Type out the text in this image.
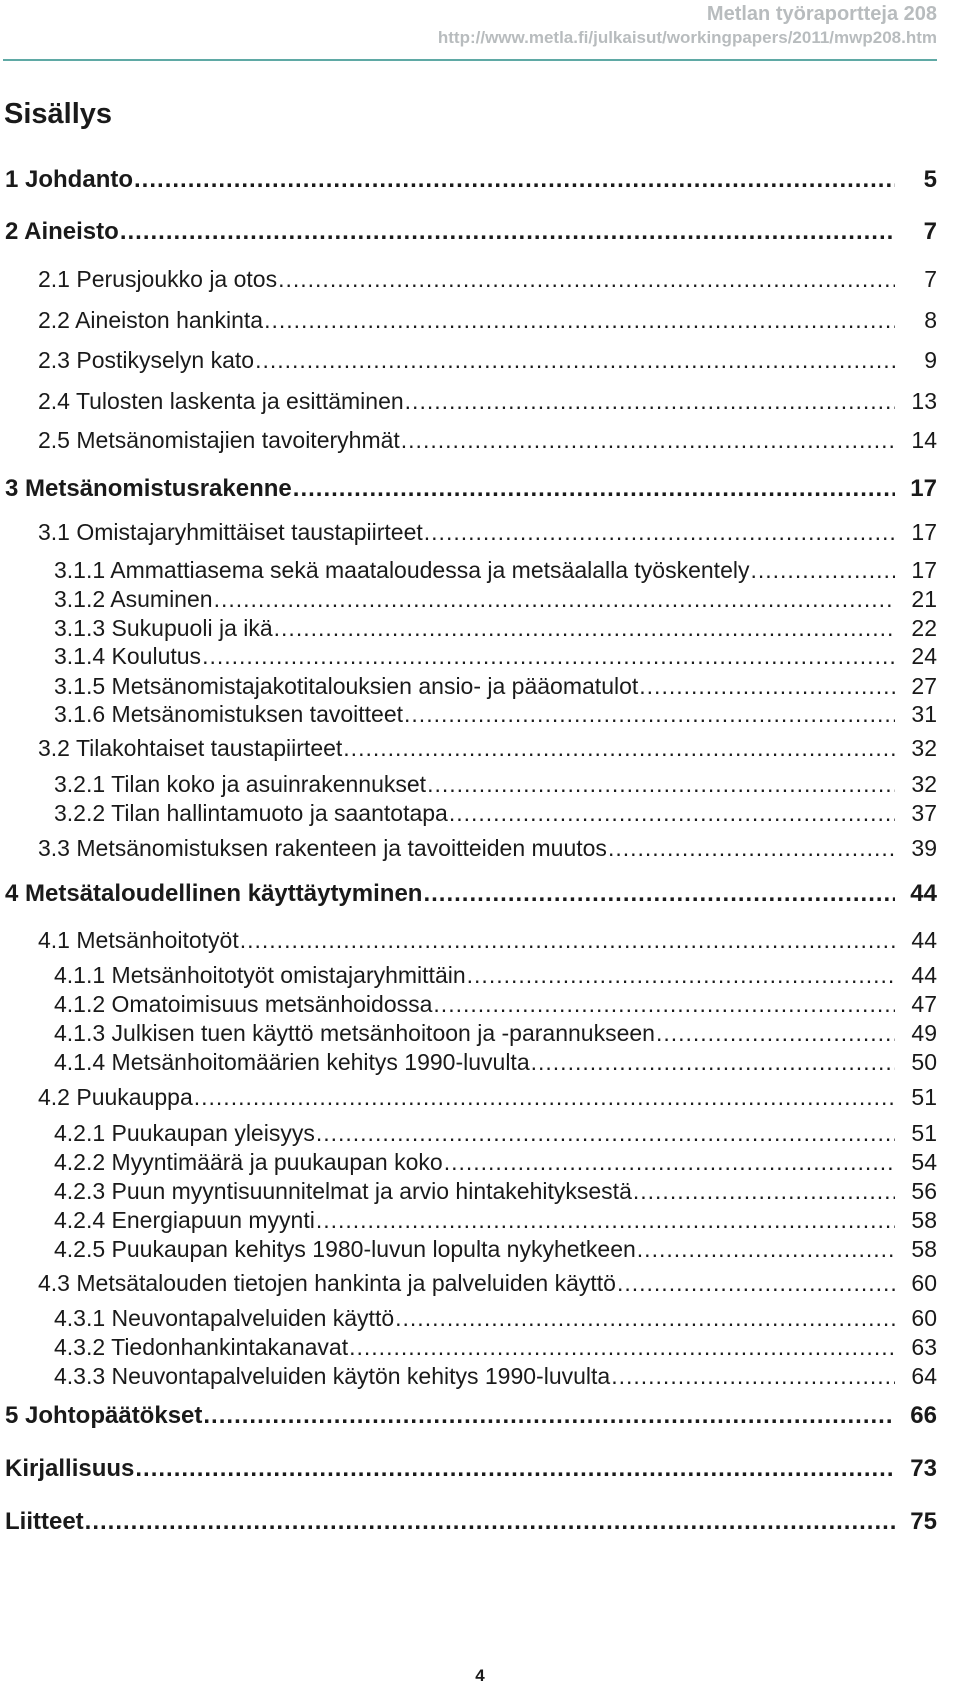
Metlan työraportteja 208
http://www.metla.fi/julkaisut/workingpapers/2011/mwp208.htm
Sisällys
1 Johdanto .....	5
2 Aineisto .....	7
2.1 Perusjoukko ja otos .....	7
2.2 Aineiston hankinta .....	8
2.3 Postikyselyn kato .....	9
2.4 Tulosten laskenta ja esittäminen .....	13
2.5 Metsänomistajien tavoiteryhmät .....	14
3 Metsänomistusrakenne .....	17
3.1 Omistajaryhmittäiset taustapiirteet .....	17
3.1.1 Ammattiasema sekä maataloudessa ja metsäalalla työskentely .....	17
3.1.2 Asuminen .....	21
3.1.3 Sukupuoli ja ikä .....	22
3.1.4 Koulutus .....	24
3.1.5 Metsänomistajakotitalouksien ansio- ja pääomatulot .....	27
3.1.6 Metsänomistuksen tavoitteet .....	31
3.2 Tilakohtaiset taustapiirteet .....	32
3.2.1 Tilan koko ja asuinrakennukset .....	32
3.2.2 Tilan hallintamuoto ja saantotapa .....	37
3.3 Metsänomistuksen rakenteen ja tavoitteiden muutos .....	39
4 Metsätaloudellinen käyttäytyminen .....	44
4.1 Metsänhoitotyöt .....	44
4.1.1 Metsänhoitotyöt omistajaryhmittäin .....	44
4.1.2 Omatoimisuus metsänhoidossa .....	47
4.1.3 Julkisen tuen käyttö metsänhoitoon ja -parannukseen .....	49
4.1.4 Metsänhoitomäärien kehitys 1990-luvulta .....	50
4.2 Puukauppa .....	51
4.2.1 Puukaupan yleisyys .....	51
4.2.2 Myyntimäärä ja puukaupan koko .....	54
4.2.3 Puun myyntisuunnitelmat ja arvio hintakehityksestä .....	56
4.2.4 Energiapuun myynti .....	58
4.2.5 Puukaupan kehitys 1980-luvun lopulta nykyhetkeen .....	58
4.3 Metsätalouden tietojen hankinta ja palveluiden käyttö .....	60
4.3.1 Neuvontapalveluiden käyttö .....	60
4.3.2 Tiedonhankintakanavat .....	63
4.3.3 Neuvontapalveluiden käytön kehitys 1990-luvulta .....	64
5 Johtopäätökset .....	66
Kirjallisuus .....	73
Liitteet .....	75
4
